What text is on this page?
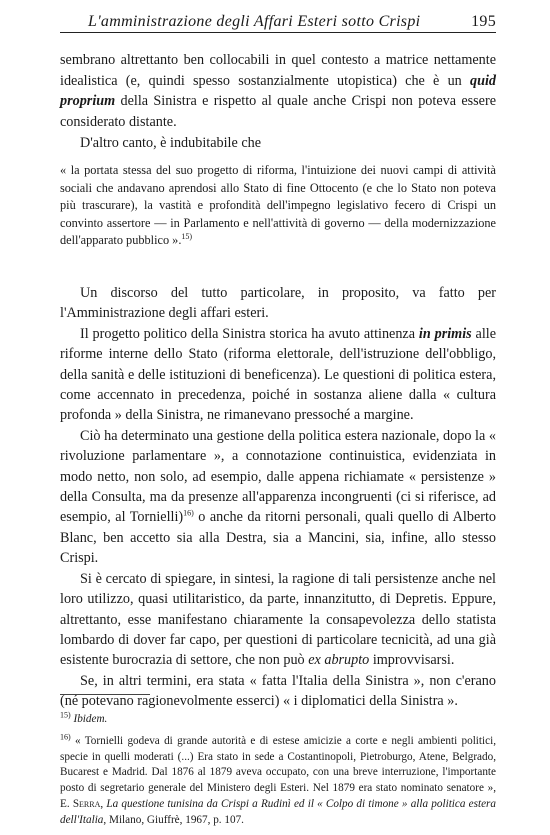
L'amministrazione degli Affari Esteri sotto Crispi	195
sembrano altrettanto ben collocabili in quel contesto a matrice nettamente idealistica (e, quindi spesso sostanzialmente utopistica) che è un quid proprium della Sinistra e rispetto al quale anche Crispi non poteva essere considerato distante.
D'altro canto, è indubitabile che
« la portata stessa del suo progetto di riforma, l'intuizione dei nuovi campi di attività sociali che andavano aprendosi allo Stato di fine Ottocento (e che lo Stato non poteva più trascurare), la vastità e profondità dell'impegno legislativo fecero di Crispi un convinto assertore — in Parlamento e nell'attività di governo — della modernizzazione dell'apparato pubblico ».$^{15)}$

Un discorso del tutto particolare, in proposito, va fatto per l'Amministrazione degli affari esteri.

Il progetto politico della Sinistra storica ha avuto attinenza in primis alle riforme interne dello Stato (riforma elettorale, dell'istruzione dell'obbligo, della sanità e delle istituzioni di beneficenza). Le questioni di politica estera, come accennato in precedenza, poiché in sostanza aliene dalla « cultura profonda » della Sinistra, ne rimanevano pressoché a margine.

Ciò ha determinato una gestione della politica estera nazionale, dopo la « rivoluzione parlamentare », a connotazione continuistica, evidenziata in modo netto, non solo, ad esempio, dalle appena richiamate « persistenze » della Consulta, ma da presenze all'apparenza incongruenti (ci si riferisce, ad esempio, al Tornielli)$^{16)}$ o anche da ritorni personali, quali quello di Alberto Blanc, ben accetto sia alla Destra, sia a Mancini, sia, infine, allo stesso Crispi.

Si è cercato di spiegare, in sintesi, la ragione di tali persistenze anche nel loro utilizzo, quasi utilitaristico, da parte, innanzitutto, di Depretis. Eppure, altrettanto, esse manifestano chiaramente la consapevolezza dello statista lombardo di dover far capo, per questioni di particolare tecnicità, ad una già esistente burocrazia di settore, che non può ex abrupto improvvisarsi.

Se, in altri termini, era stata « fatta l'Italia della Sinistra », non c'erano (né potevano ragionevolmente esserci) « i diplomatici della Sinistra ».

$^{15)}$ Ibidem.

$^{16)}$ « Tornielli godeva di grande autorità e di estese amicizie a corte e negli ambienti politici, specie in quelli moderati (...) Era stato in sede a Costantinopoli, Pietroburgo, Atene, Belgrado, Bucarest e Madrid. Dal 1876 al 1879 aveva occupato, con una breve interruzione, l'importante posto di segretario generale del Ministero degli Esteri. Nel 1879 era stato nominato senatore », E. Serra, La questione tunisina da Crispi a Rudinì ed il « Colpo di timone » alla politica estera dell'Italia, Milano, Giuffrè, 1967, p. 107.
